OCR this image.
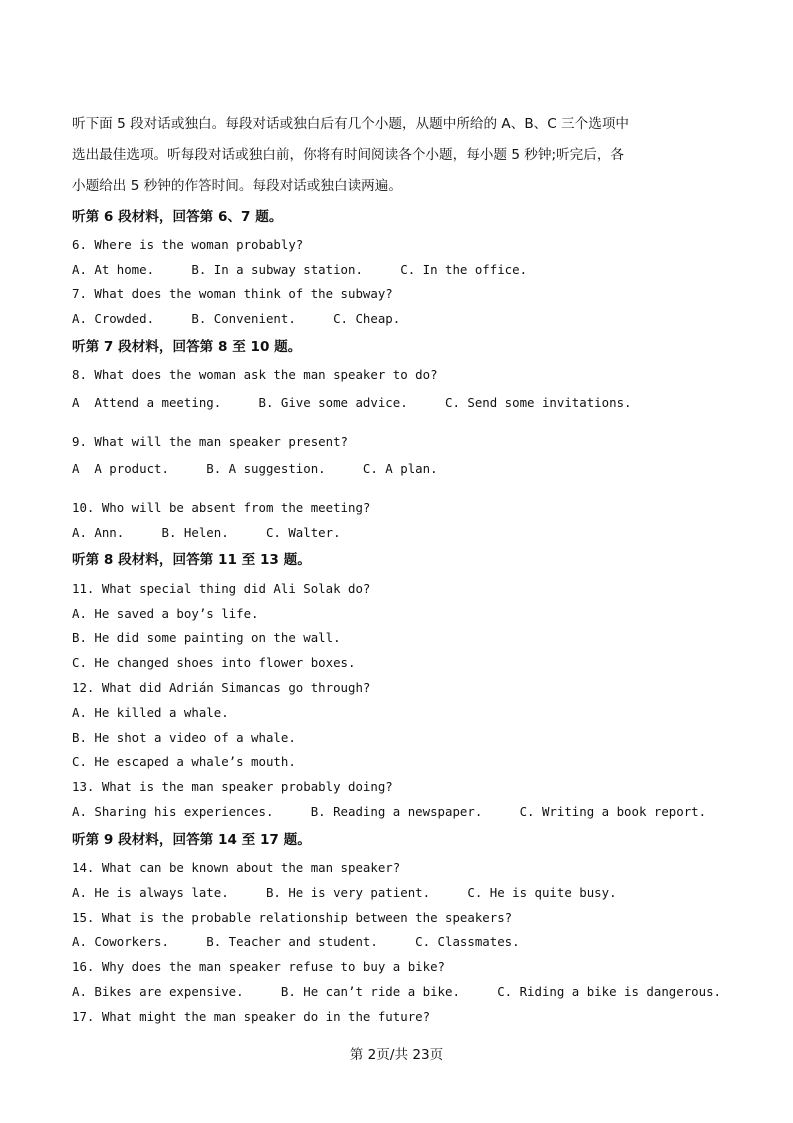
听下面 5 段对话或独白。每段对话或独白后有几个小题，从题中所给的 A、B、C 三个选项中
选出最佳选项。听每段对话或独白前，你将有时间阅读各个小题，每小题 5 秒钟;听完后，各
小题给出 5 秒钟的作答时间。每段对话或独白读两遍。
听第 6 段材料，回答第 6、7 题。
6. Where is the woman probably?
A. At home.     B. In a subway station.     C. In the office.
7. What does the woman think of the subway?
A. Crowded.     B. Convenient.     C. Cheap.
听第 7 段材料，回答第 8 至 10 题。
8. What does the woman ask the man speaker to do?
A  Attend a meeting.     B. Give some advice.     C. Send some invitations.
9. What will the man speaker present?
A  A product.     B. A suggestion.     C. A plan.
10. Who will be absent from the meeting?
A. Ann.     B. Helen.     C. Walter.
听第 8 段材料，回答第 11 至 13 题。
11. What special thing did Ali Solak do?
A. He saved a boy’s life.
B. He did some painting on the wall.
C. He changed shoes into flower boxes.
12. What did Adrián Simancas go through?
A. He killed a whale.
B. He shot a video of a whale.
C. He escaped a whale’s mouth.
13. What is the man speaker probably doing?
A. Sharing his experiences.     B. Reading a newspaper.     C. Writing a book report.
听第 9 段材料，回答第 14 至 17 题。
14. What can be known about the man speaker?
A. He is always late.     B. He is very patient.     C. He is quite busy.
15. What is the probable relationship between the speakers?
A. Coworkers.     B. Teacher and student.     C. Classmates.
16. Why does the man speaker refuse to buy a bike?
A. Bikes are expensive.     B. He can’t ride a bike.     C. Riding a bike is dangerous.
17. What might the man speaker do in the future?
第 2页/共 23页
